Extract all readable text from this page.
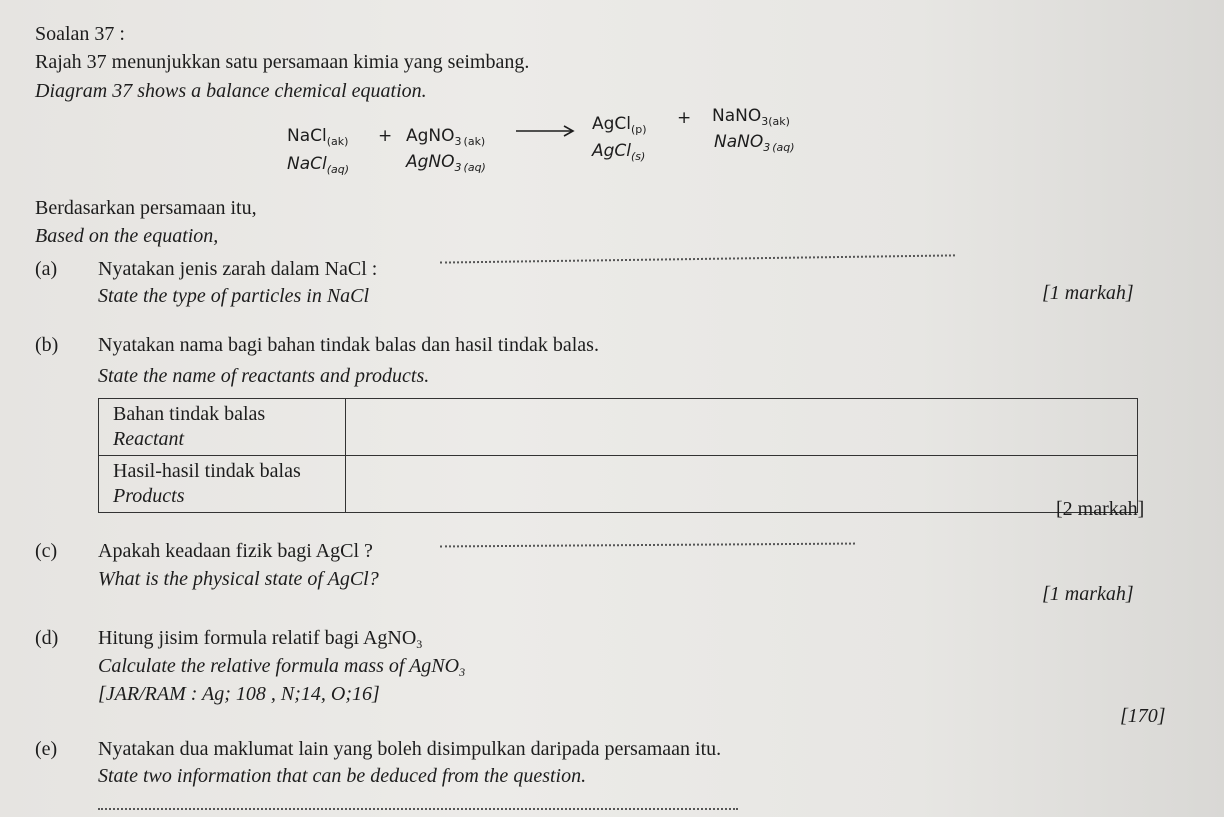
Soalan 37 :
Rajah 37 menunjukkan satu persamaan kimia yang seimbang.
Diagram 37 shows a balance chemical equation.
NaCl$_{(ak)}$ + AgNO$_3$ $_{(ak)}$
→ AgCl$_{(p)}$
+ NaNO$_{3(ak)}$
NaCl$_{(aq)}$	AgNO$_3$ $_{(aq)}$
AgCl$_{(s)}$
NaNO$_3$ $_{(aq)}$
Berdasarkan persamaan itu,
Based on the equation,
(a) Nyatakan jenis zarah dalam NaCl :
State the type of particles in NaCl	[1 markah]
(b) Nyatakan nama bagi bahan tindak balas dan hasil tindak balas.
State the name of reactants and products.
Bahan tindak balas
Reactant	
Hasil-hasil tindak balas
Products	
[2 markah]
(c) Apakah keadaan fizik bagi AgCl ?
What is the physical state of AgCl?
[1 markah]
(d) Hitung jisim formula relatif bagi AgNO$_3$
Calculate the relative formula mass of AgNO$_3$
[JAR/RAM : Ag; 108 , N;14, O;16]
[170]
(e) Nyatakan dua maklumat lain yang boleh disimpulkan daripada persamaan itu.
State two information that can be deduced from the question.
